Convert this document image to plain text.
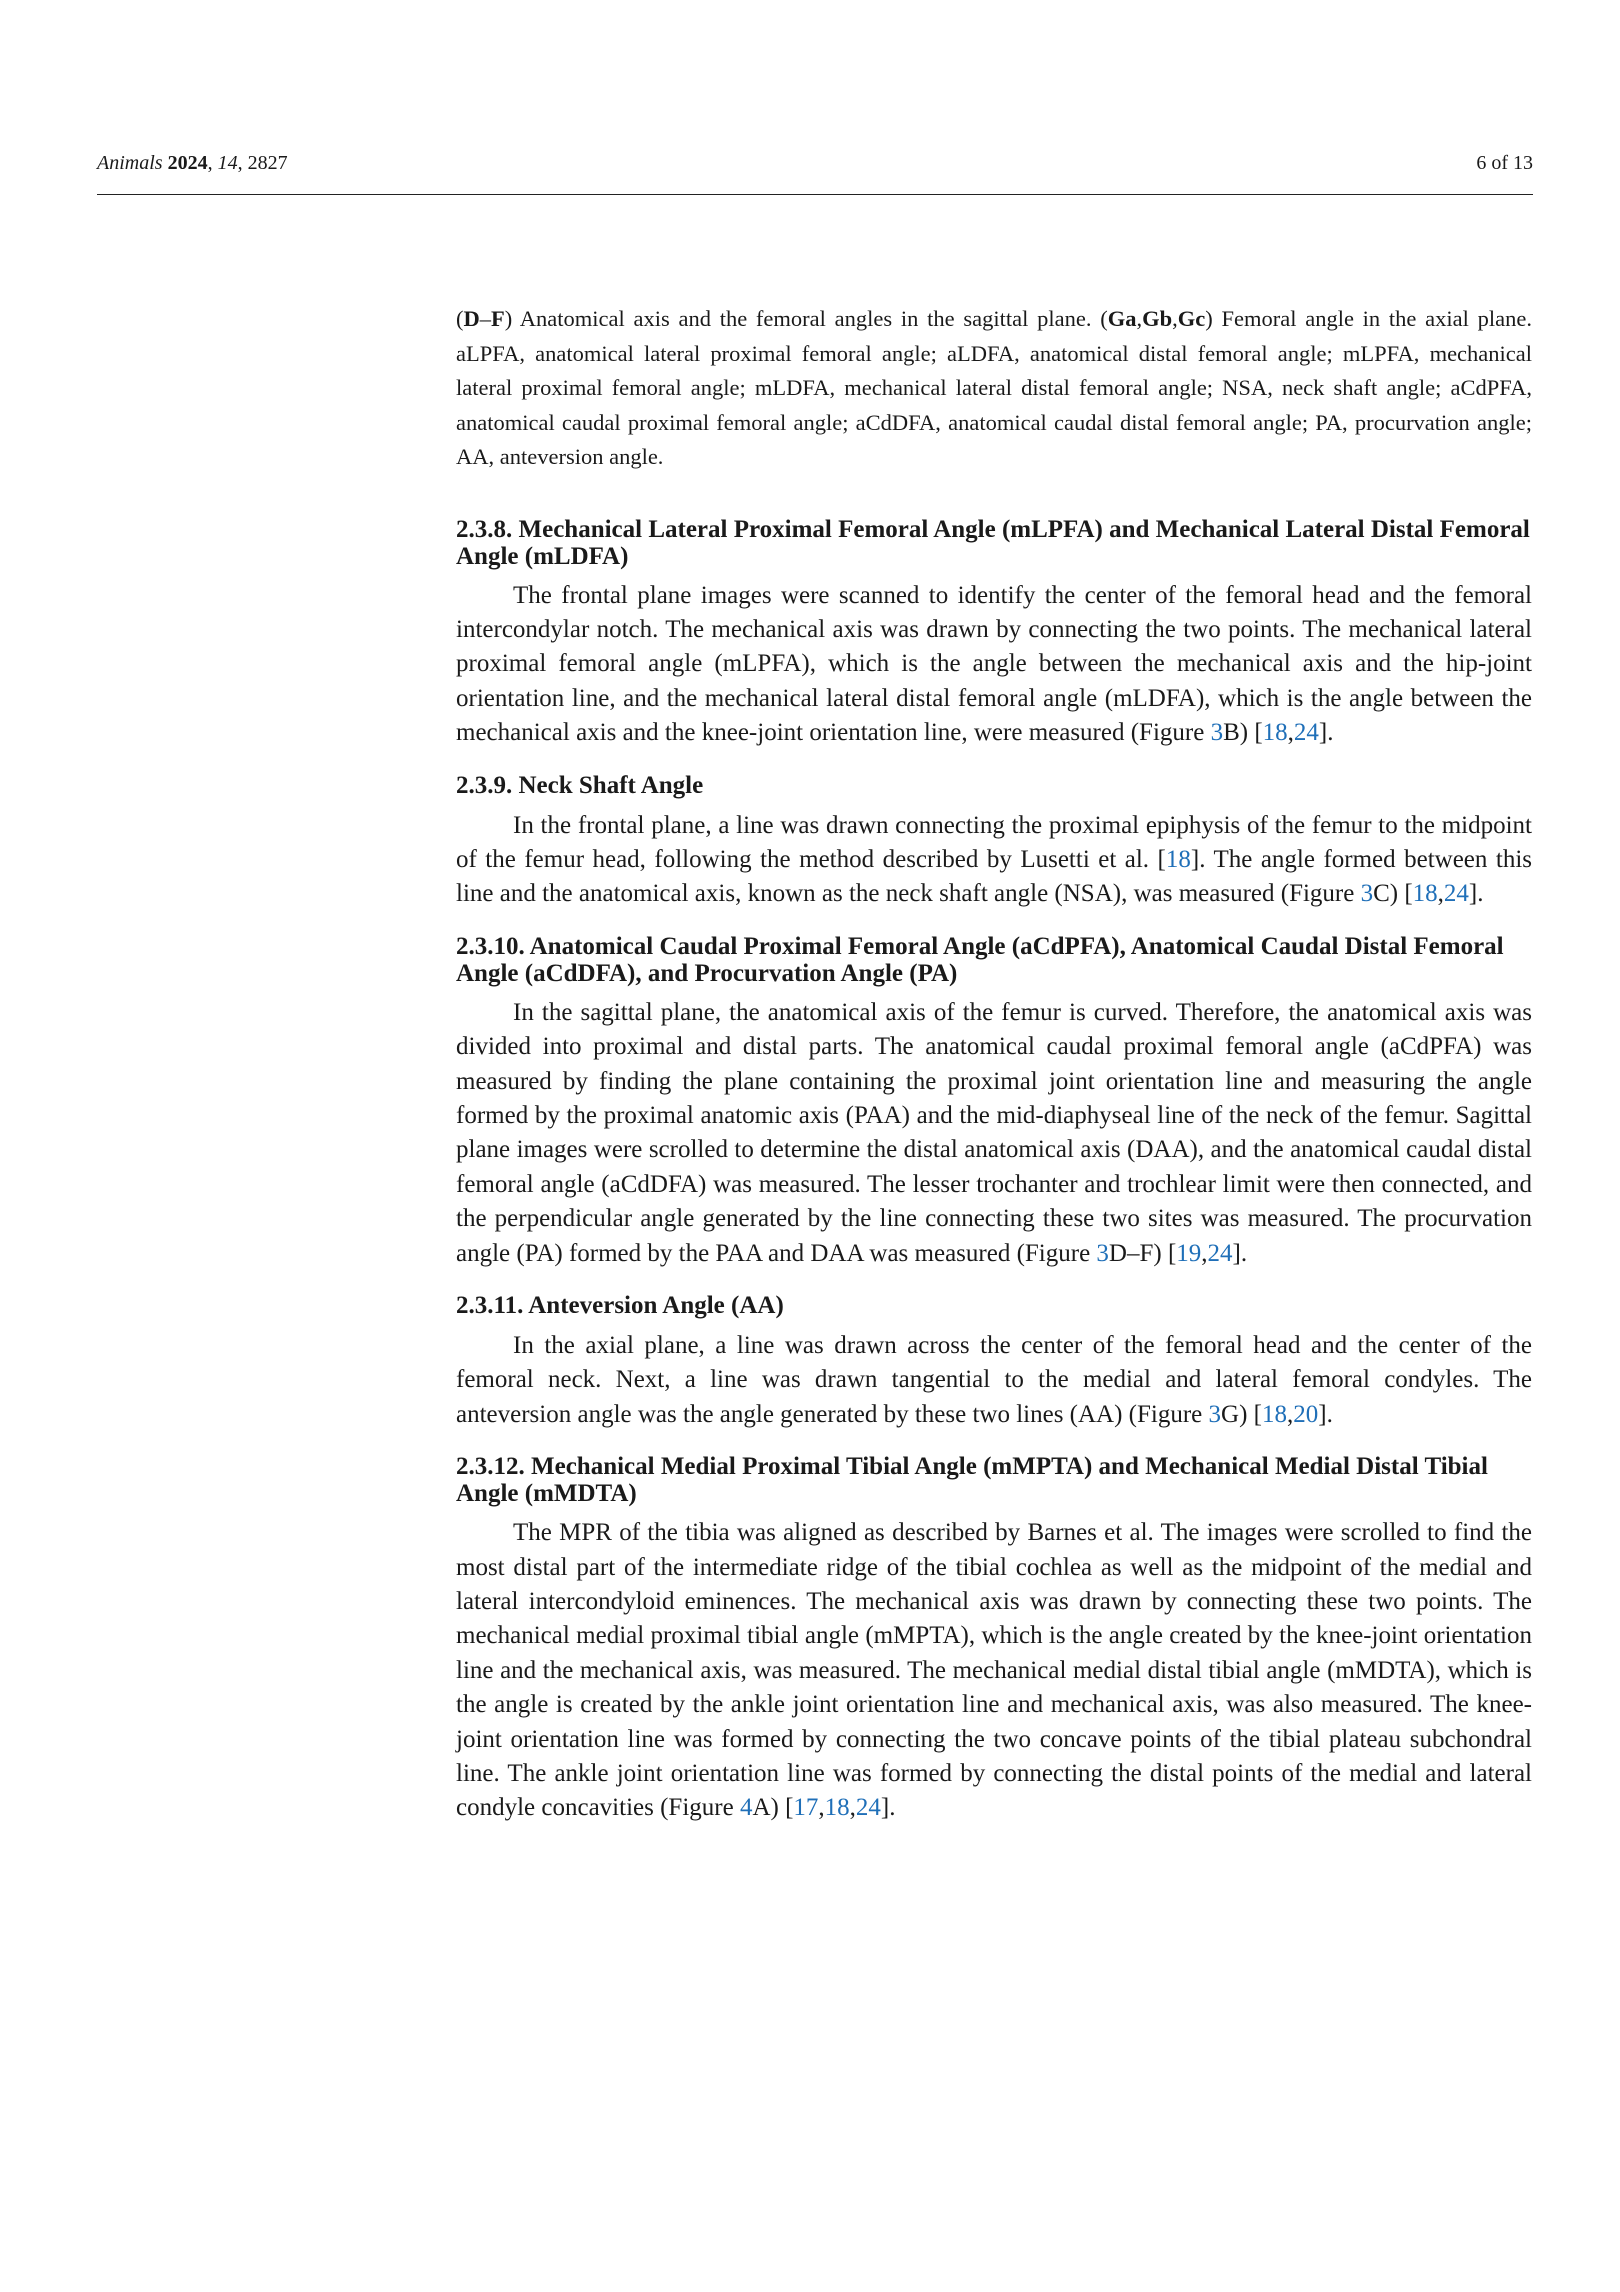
Animals 2024, 14, 2827	6 of 13

(D–F) Anatomical axis and the femoral angles in the sagittal plane. (Ga,Gb,Gc) Femoral angle in the axial plane. aLPFA, anatomical lateral proximal femoral angle; aLDFA, anatomical distal femoral angle; mLPFA, mechanical lateral proximal femoral angle; mLDFA, mechanical lateral distal femoral angle; NSA, neck shaft angle; aCdPFA, anatomical caudal proximal femoral angle; aCdDFA, anatomical caudal distal femoral angle; PA, procurvation angle; AA, anteversion angle.

2.3.8. Mechanical Lateral Proximal Femoral Angle (mLPFA) and Mechanical Lateral Distal Femoral Angle (mLDFA)

The frontal plane images were scanned to identify the center of the femoral head and the femoral intercondylar notch. The mechanical axis was drawn by connecting the two points. The mechanical lateral proximal femoral angle (mLPFA), which is the angle between the mechanical axis and the hip-joint orientation line, and the mechanical lateral distal femoral angle (mLDFA), which is the angle between the mechanical axis and the knee-joint orientation line, were measured (Figure 3B) [18,24].

2.3.9. Neck Shaft Angle

In the frontal plane, a line was drawn connecting the proximal epiphysis of the femur to the midpoint of the femur head, following the method described by Lusetti et al. [18]. The angle formed between this line and the anatomical axis, known as the neck shaft angle (NSA), was measured (Figure 3C) [18,24].

2.3.10. Anatomical Caudal Proximal Femoral Angle (aCdPFA), Anatomical Caudal Distal Femoral Angle (aCdDFA), and Procurvation Angle (PA)

In the sagittal plane, the anatomical axis of the femur is curved. Therefore, the anatomical axis was divided into proximal and distal parts. The anatomical caudal proximal femoral angle (aCdPFA) was measured by finding the plane containing the proximal joint orientation line and measuring the angle formed by the proximal anatomic axis (PAA) and the mid-diaphyseal line of the neck of the femur. Sagittal plane images were scrolled to determine the distal anatomical axis (DAA), and the anatomical caudal distal femoral angle (aCdDFA) was measured. The lesser trochanter and trochlear limit were then connected, and the perpendicular angle generated by the line connecting these two sites was measured. The procurvation angle (PA) formed by the PAA and DAA was measured (Figure 3D–F) [19,24].

2.3.11. Anteversion Angle (AA)

In the axial plane, a line was drawn across the center of the femoral head and the center of the femoral neck. Next, a line was drawn tangential to the medial and lateral femoral condyles. The anteversion angle was the angle generated by these two lines (AA) (Figure 3G) [18,20].

2.3.12. Mechanical Medial Proximal Tibial Angle (mMPTA) and Mechanical Medial Distal Tibial Angle (mMDTA)

The MPR of the tibia was aligned as described by Barnes et al. The images were scrolled to find the most distal part of the intermediate ridge of the tibial cochlea as well as the midpoint of the medial and lateral intercondyloid eminences. The mechanical axis was drawn by connecting these two points. The mechanical medial proximal tibial angle (mMPTA), which is the angle created by the knee-joint orientation line and the mechanical axis, was measured. The mechanical medial distal tibial angle (mMDTA), which is the angle is created by the ankle joint orientation line and mechanical axis, was also measured. The knee-joint orientation line was formed by connecting the two concave points of the tibial plateau subchondral line. The ankle joint orientation line was formed by connecting the distal points of the medial and lateral condyle concavities (Figure 4A) [17,18,24].
